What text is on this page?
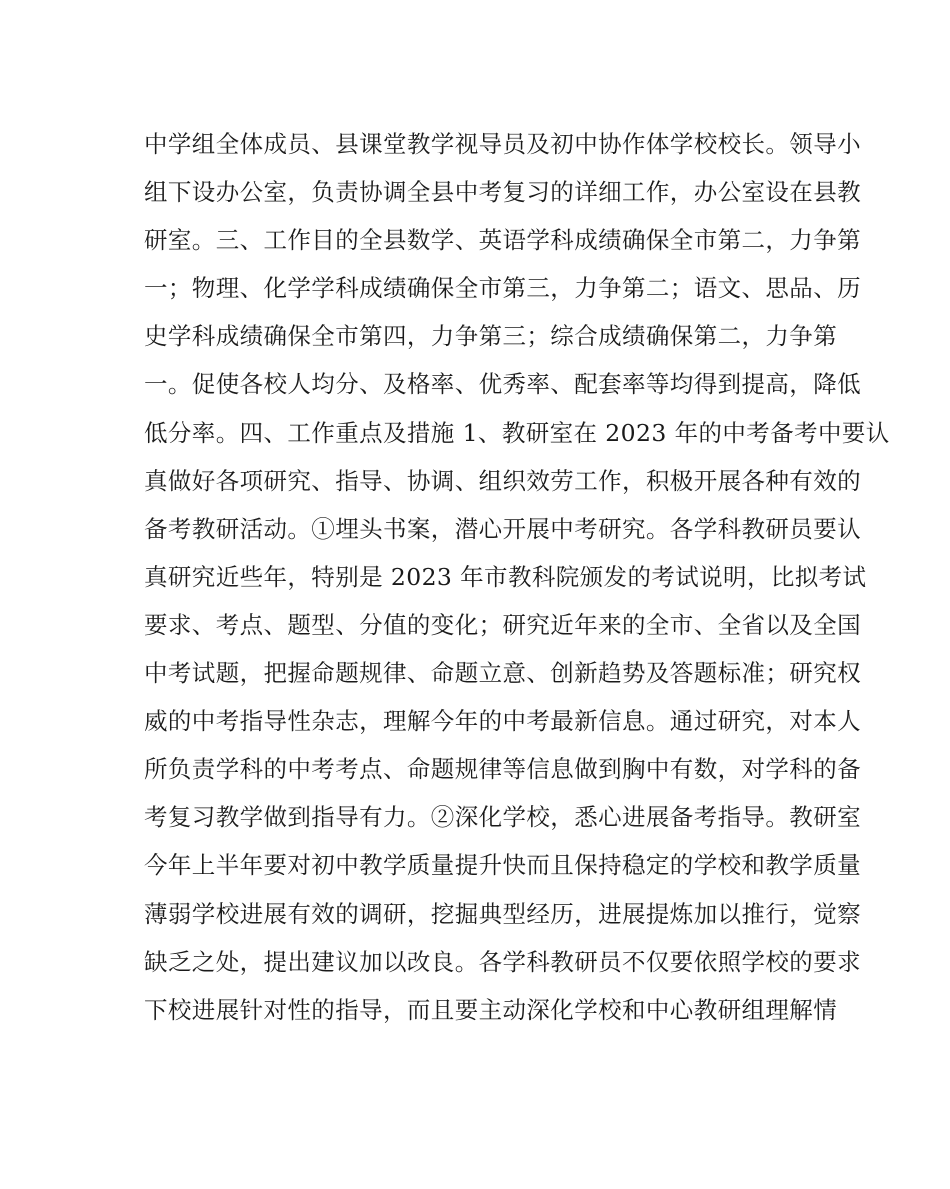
中学组全体成员、县课堂教学视导员及初中协作体学校校长。领导小
组下设办公室，负责协调全县中考复习的详细工作，办公室设在县教
研室。三、工作目的全县数学、英语学科成绩确保全市第二，力争第
一；物理、化学学科成绩确保全市第三，力争第二；语文、思品、历
史学科成绩确保全市第四，力争第三；综合成绩确保第二，力争第
一。促使各校人均分、及格率、优秀率、配套率等均得到提高，降低
低分率。四、工作重点及措施 1、教研室在 2023 年的中考备考中要认
真做好各项研究、指导、协调、组织效劳工作，积极开展各种有效的
备考教研活动。①埋头书案，潜心开展中考研究。各学科教研员要认
真研究近些年，特别是 2023 年市教科院颁发的考试说明，比拟考试
要求、考点、题型、分值的变化；研究近年来的全市、全省以及全国
中考试题，把握命题规律、命题立意、创新趋势及答题标准；研究权
威的中考指导性杂志，理解今年的中考最新信息。通过研究，对本人
所负责学科的中考考点、命题规律等信息做到胸中有数，对学科的备
考复习教学做到指导有力。②深化学校，悉心进展备考指导。教研室
今年上半年要对初中教学质量提升快而且保持稳定的学校和教学质量
薄弱学校进展有效的调研，挖掘典型经历，进展提炼加以推行，觉察
缺乏之处，提出建议加以改良。各学科教研员不仅要依照学校的要求
下校进展针对性的指导，而且要主动深化学校和中心教研组理解情
